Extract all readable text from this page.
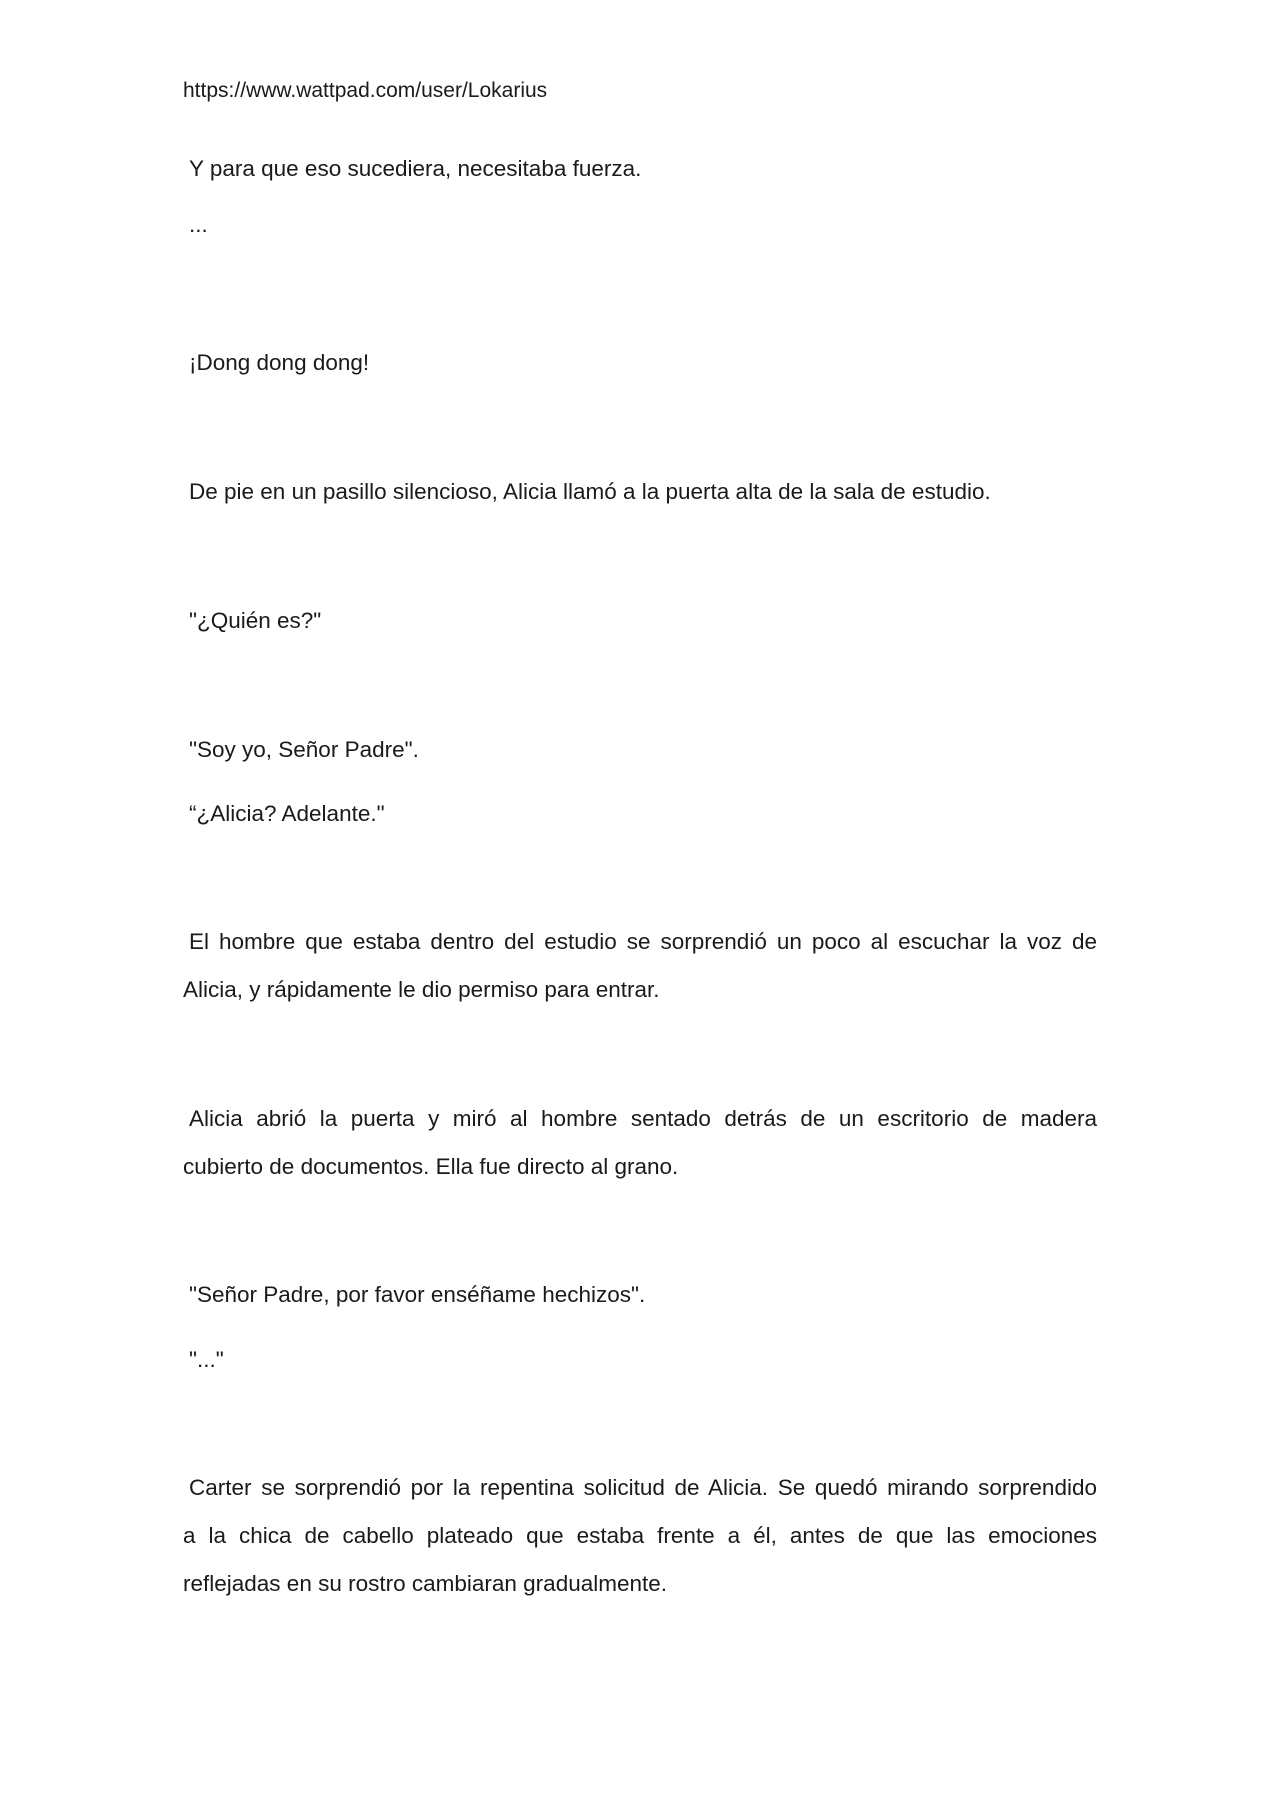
https://www.wattpad.com/user/Lokarius
Y para que eso sucediera, necesitaba fuerza.
...
¡Dong dong dong!
De pie en un pasillo silencioso, Alicia llamó a la puerta alta de la sala de estudio.
"¿Quién es?"
"Soy yo, Señor Padre".
“¿Alicia? Adelante."
El hombre que estaba dentro del estudio se sorprendió un poco al escuchar la voz de
Alicia, y rápidamente le dio permiso para entrar.
Alicia abrió la puerta y miró al hombre sentado detrás de un escritorio de madera
cubierto de documentos. Ella fue directo al grano.
"Señor Padre, por favor enséñame hechizos".
"..."
Carter se sorprendió por la repentina solicitud de Alicia. Se quedó mirando sorprendido
a la chica de cabello plateado que estaba frente a él, antes de que las emociones
reflejadas en su rostro cambiaran gradualmente.
